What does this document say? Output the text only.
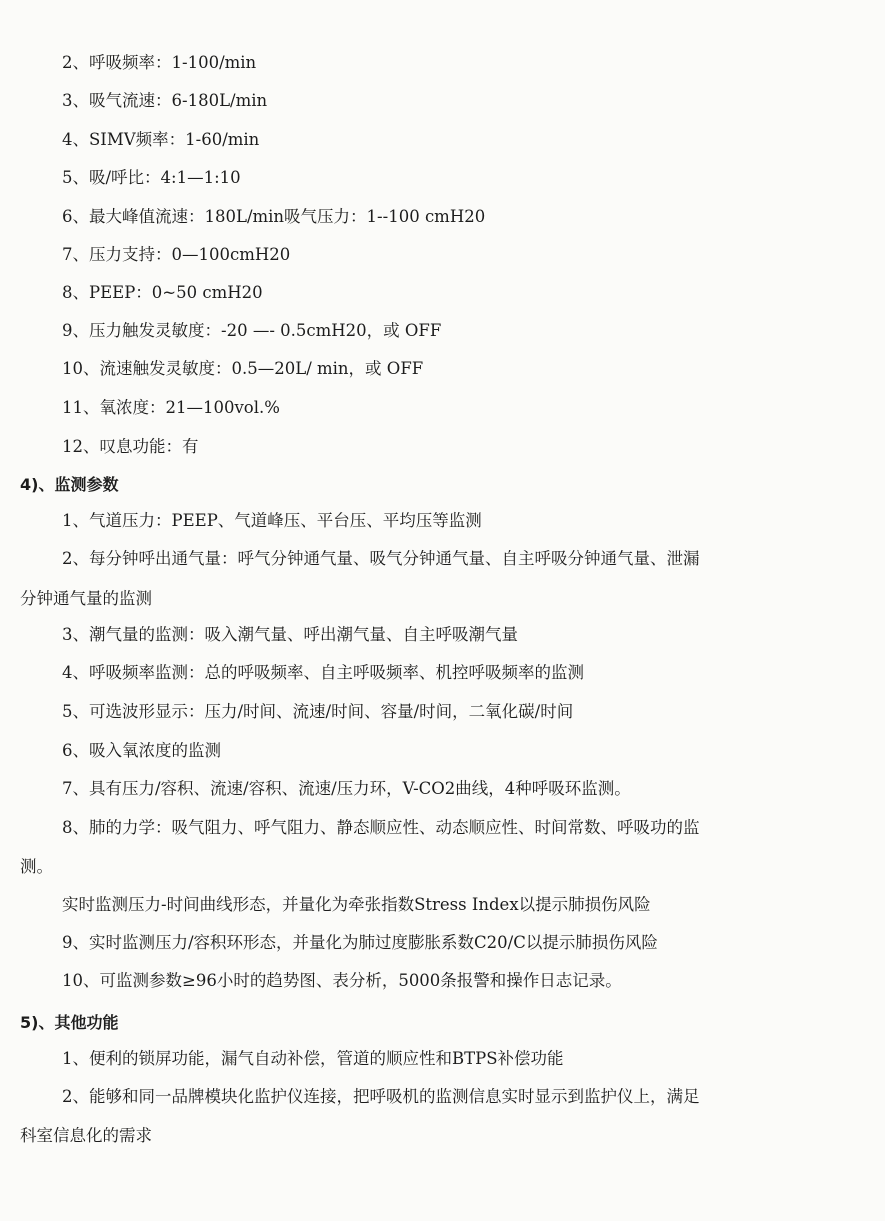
2、呼吸频率：1-100/min
3、吸气流速：6-180L/min
4、SIMV频率：1-60/min
5、吸/呼比：4:1—1:10
6、最大峰值流速：180L/min吸气压力：1--100 cmH20
7、压力支持：0—100cmH20
8、PEEP：0~50 cmH20
9、压力触发灵敏度：-20 —- 0.5cmH20，或 OFF
10、流速触发灵敏度：0.5—20L/ min，或 OFF
11、氧浓度：21—100vol.%
12、叹息功能：有
4)、监测参数
1、气道压力：PEEP、气道峰压、平台压、平均压等监测
2、每分钟呼出通气量：呼气分钟通气量、吸气分钟通气量、自主呼吸分钟通气量、泄漏
分钟通气量的监测
3、潮气量的监测：吸入潮气量、呼出潮气量、自主呼吸潮气量
4、呼吸频率监测：总的呼吸频率、自主呼吸频率、机控呼吸频率的监测
5、可选波形显示：压力/时间、流速/时间、容量/时间，二氧化碳/时间
6、吸入氧浓度的监测
7、具有压力/容积、流速/容积、流速/压力环，V-CO2曲线，4种呼吸环监测。
8、肺的力学：吸气阻力、呼气阻力、静态顺应性、动态顺应性、时间常数、呼吸功的监
测。
实时监测压力-时间曲线形态，并量化为牵张指数Stress Index以提示肺损伤风险
9、实时监测压力/容积环形态，并量化为肺过度膨胀系数C20/C以提示肺损伤风险
10、可监测参数≥96小时的趋势图、表分析，5000条报警和操作日志记录。
5)、其他功能
1、便利的锁屏功能，漏气自动补偿，管道的顺应性和BTPS补偿功能
2、能够和同一品牌模块化监护仪连接，把呼吸机的监测信息实时显示到监护仪上，满足
科室信息化的需求
